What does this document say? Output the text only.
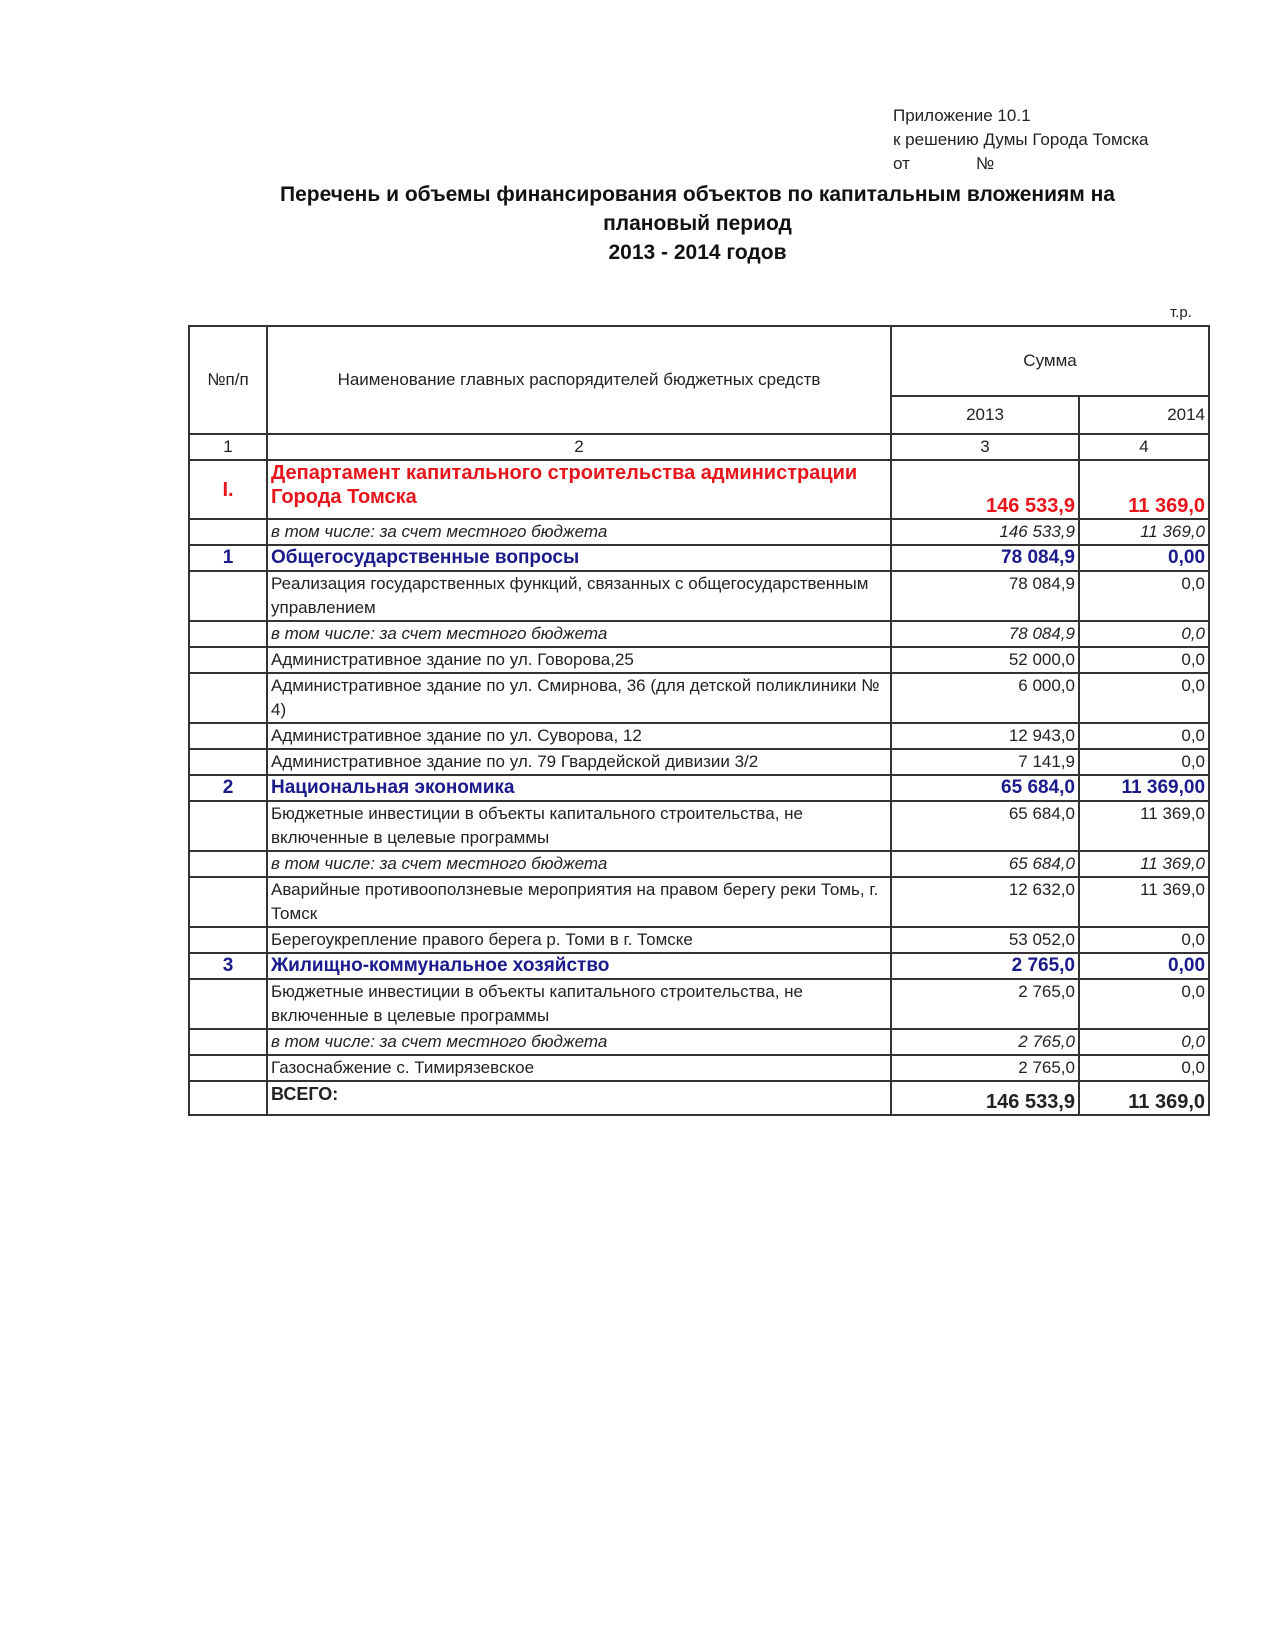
Приложение 10.1
к решению Думы Города Томска
от              №
Перечень и объемы финансирования объектов по капитальным вложениям на
плановый период
2013 - 2014 годов
т.р.
№п/п	Наименование главных распорядителей бюджетных средств	Сумма	
		2013	2014
1	2	3	4
I.	Департамент капитального строительства администрации Города Томска	146 533,9	11 369,0
	в том числе: за счет местного бюджета	146 533,9	11 369,0
1	Общегосударственные вопросы	78 084,9	0,00
	Реализация государственных функций, связанных с общегосударственным управлением	78 084,9	0,0
	в том числе: за счет местного бюджета	78 084,9	0,0
	Административное здание по ул. Говорова,25	52 000,0	0,0
	Административное здание по ул. Смирнова, 36 (для детской поликлиники № 4)	6 000,0	0,0
	Административное здание по ул. Суворова, 12	12 943,0	0,0
	Административное здание по ул. 79 Гвардейской дивизии 3/2	7 141,9	0,0
2	Национальная экономика	65 684,0	11 369,00
	Бюджетные инвестиции в объекты капитального строительства, не включенные в целевые программы	65 684,0	11 369,0
	в том числе: за счет местного бюджета	65 684,0	11 369,0
	Аварийные противооползневые мероприятия на правом берегу реки Томь, г. Томск	12 632,0	11 369,0
	Берегоукрепление правого берега р. Томи в г. Томске	53 052,0	0,0
3	Жилищно-коммунальное хозяйство	2 765,0	0,00
	Бюджетные инвестиции в объекты капитального строительства, не включенные в целевые программы	2 765,0	0,0
	в том числе: за счет местного бюджета	2 765,0	0,0
	Газоснабжение с. Тимирязевское	2 765,0	0,0
	ВСЕГО:	146 533,9	11 369,0
